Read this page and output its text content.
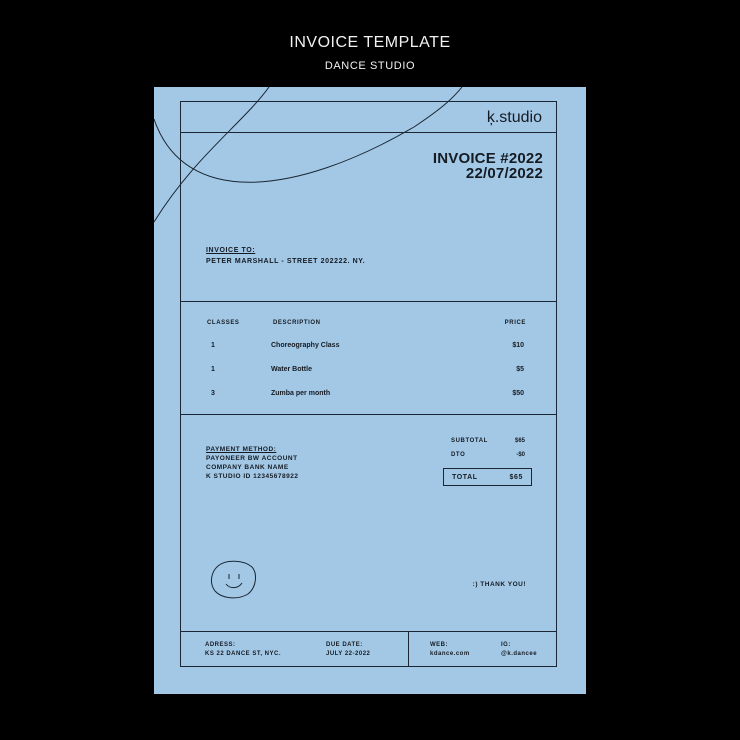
INVOICE TEMPLATE
DANCE STUDIO
ķ.studio
INVOICE #2022
22/07/2022
INVOICE TO:
PETER MARSHALL - STREET 202222. NY.
CLASSES	DESCRIPTION	PRICE
1	Choreography Class	$10
1	Water Bottle	$5
3	Zumba per month	$50
PAYMENT METHOD:
PAYONEER BW ACCOUNT
COMPANY BANK NAME
K STUDIO ID 12345678922
SUBTOTAL	$65
DTO	-$0
TOTAL	$65
:) THANK YOU!
ADRESS:
KS 22 DANCE ST, NYC.
DUE DATE:
JULY 22-2022
WEB:
kdance.com
IG:
@k.dancee
